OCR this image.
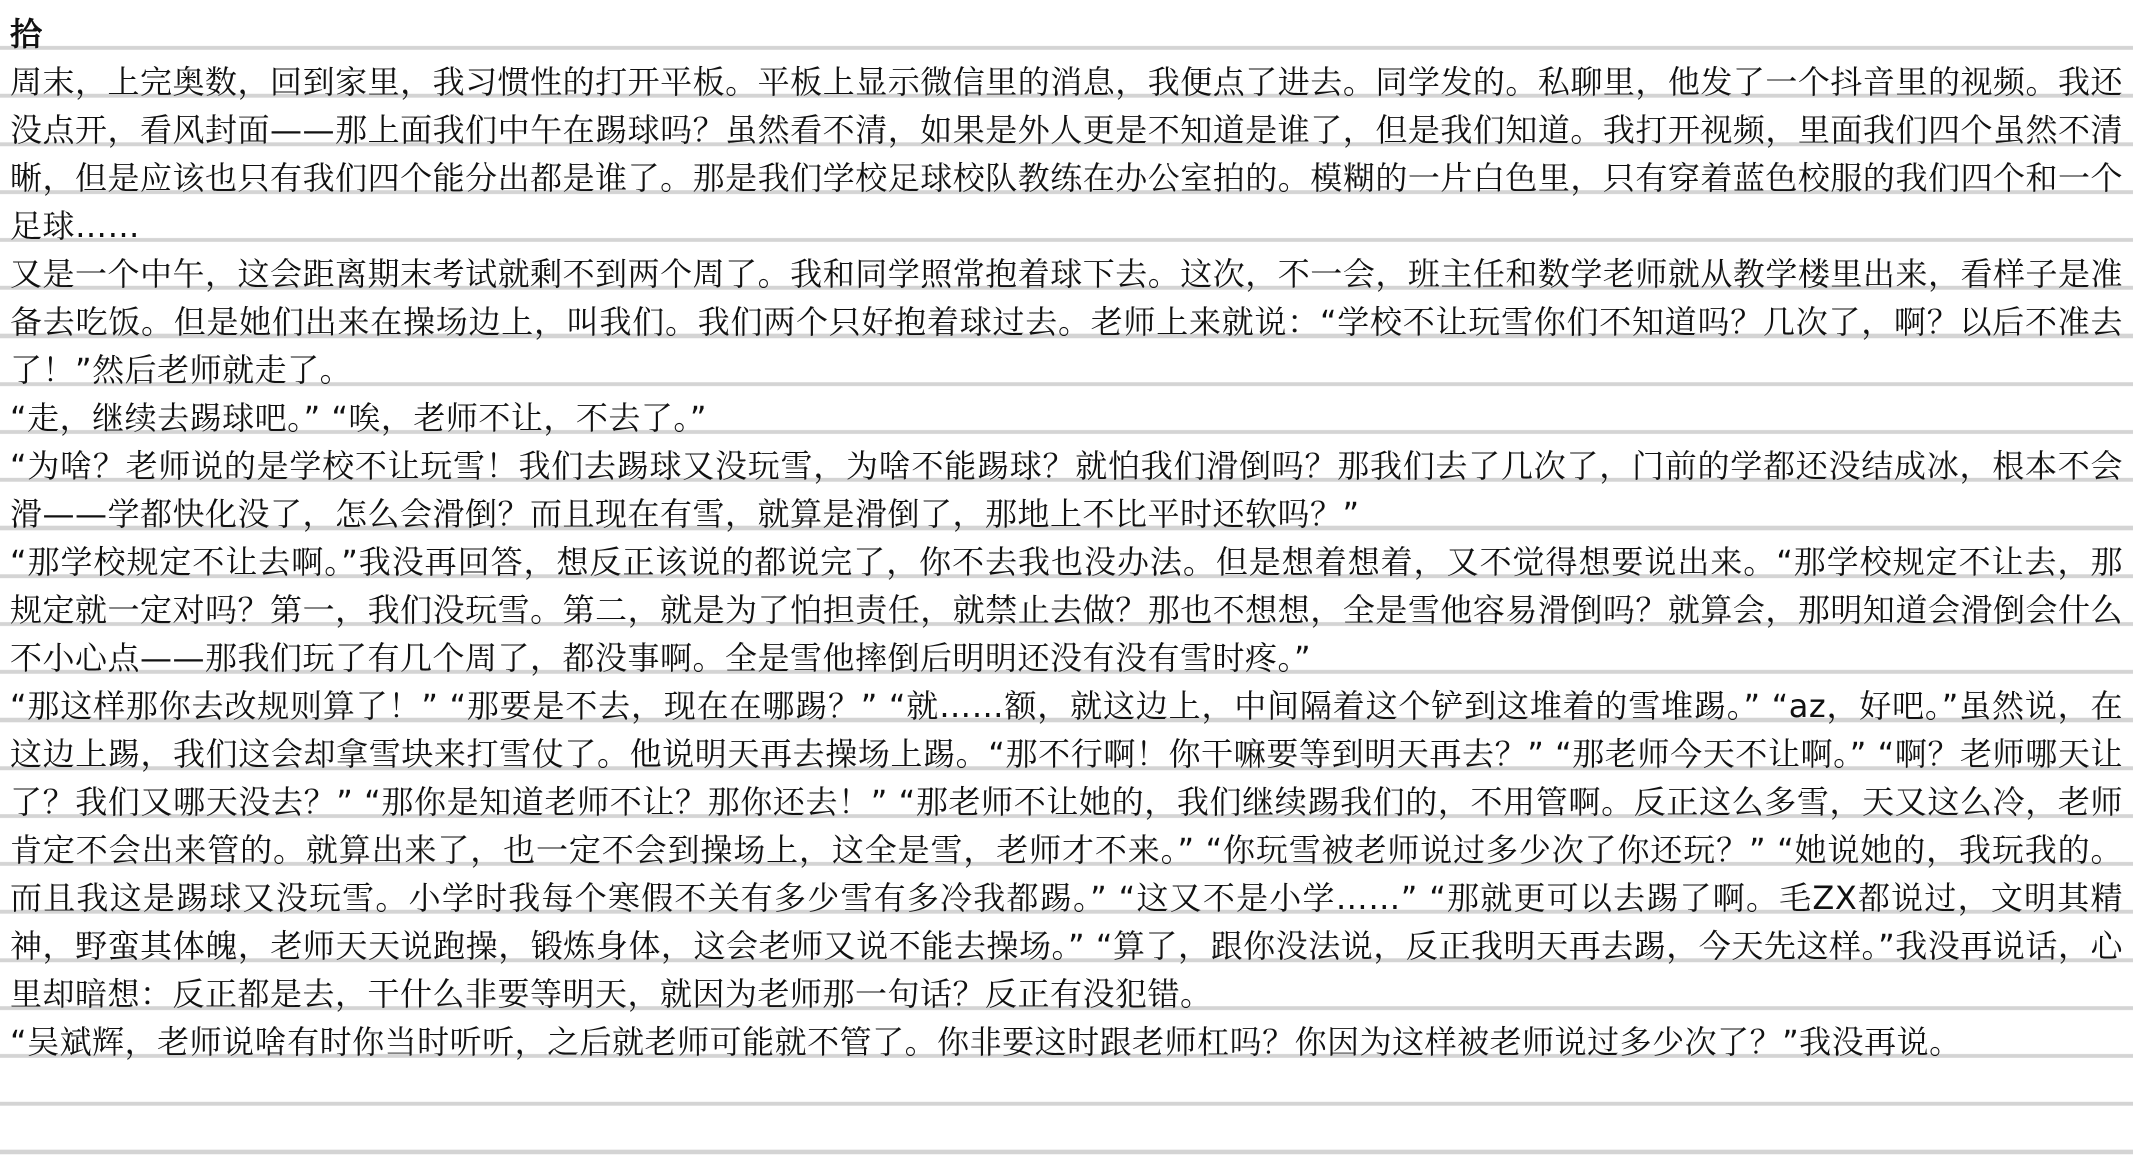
拾

周末，上完奥数，回到家里，我习惯性的打开平板。平板上显示微信里的消息，我便点了进去。同学发的。私聊里，他发了一个抖音里的视频。我还没点开，看风封面——那上面我们中午在踢球吗？虽然看不清，如果是外人更是不知道是谁了，但是我们知道。我打开视频，里面我们四个虽然不清晰，但是应该也只有我们四个能分出都是谁了。那是我们学校足球校队教练在办公室拍的。模糊的一片白色里，只有穿着蓝色校服的我们四个和一个足球……

又是一个中午，这会距离期末考试就剩不到两个周了。我和同学照常抱着球下去。这次，不一会，班主任和数学老师就从教学楼里出来，看样子是准备去吃饭。但是她们出来在操场边上，叫我们。我们两个只好抱着球过去。老师上来就说：“学校不让玩雪你们不知道吗？几次了，啊？以后不准去了！”然后老师就走了。

“走，继续去踢球吧。” “唉，老师不让，不去了。”

“为啥？老师说的是学校不让玩雪！我们去踢球又没玩雪，为啥不能踢球？就怕我们滑倒吗？那我们去了几次了，门前的学都还没结成冰，根本不会滑——学都快化没了，怎么会滑倒？而且现在有雪，就算是滑倒了，那地上不比平时还软吗？”

“那学校规定不让去啊。”我没再回答，想反正该说的都说完了，你不去我也没办法。但是想着想着，又不觉得想要说出来。“那学校规定不让去，那规定就一定对吗？第一，我们没玩雪。第二，就是为了怕担责任，就禁止去做？那也不想想，全是雪他容易滑倒吗？就算会，那明知道会滑倒会什么不小心点——那我们玩了有几个周了，都没事啊。全是雪他摔倒后明明还没有没有雪时疼。”

“那这样那你去改规则算了！” “那要是不去，现在在哪踢？” “就……额，就这边上，中间隔着这个铲到这堆着的雪堆踢。” “az，好吧。”虽然说，在这边上踢，我们这会却拿雪块来打雪仗了。他说明天再去操场上踢。“那不行啊！你干嘛要等到明天再去？” “那老师今天不让啊。” “啊？老师哪天让了？我们又哪天没去？” “那你是知道老师不让？那你还去！” “那老师不让她的，我们继续踢我们的，不用管啊。反正这么多雪，天又这么冷，老师肯定不会出来管的。就算出来了，也一定不会到操场上，这全是雪，老师才不来。” “你玩雪被老师说过多少次了你还玩？” “她说她的，我玩我的。而且我这是踢球又没玩雪。小学时我每个寒假不关有多少雪有多冷我都踢。” “这又不是小学……” “那就更可以去踢了啊。毛ZX都说过，文明其精神，野蛮其体魄，老师天天说跑操，锻炼身体，这会老师又说不能去操场。” “算了，跟你没法说，反正我明天再去踢，今天先这样。”我没再说话，心里却暗想：反正都是去，干什么非要等明天，就因为老师那一句话？反正有没犯错。

“吴斌辉，老师说啥有时你当时听听，之后就老师可能就不管了。你非要这时跟老师杠吗？你因为这样被老师说过多少次了？”我没再说。
